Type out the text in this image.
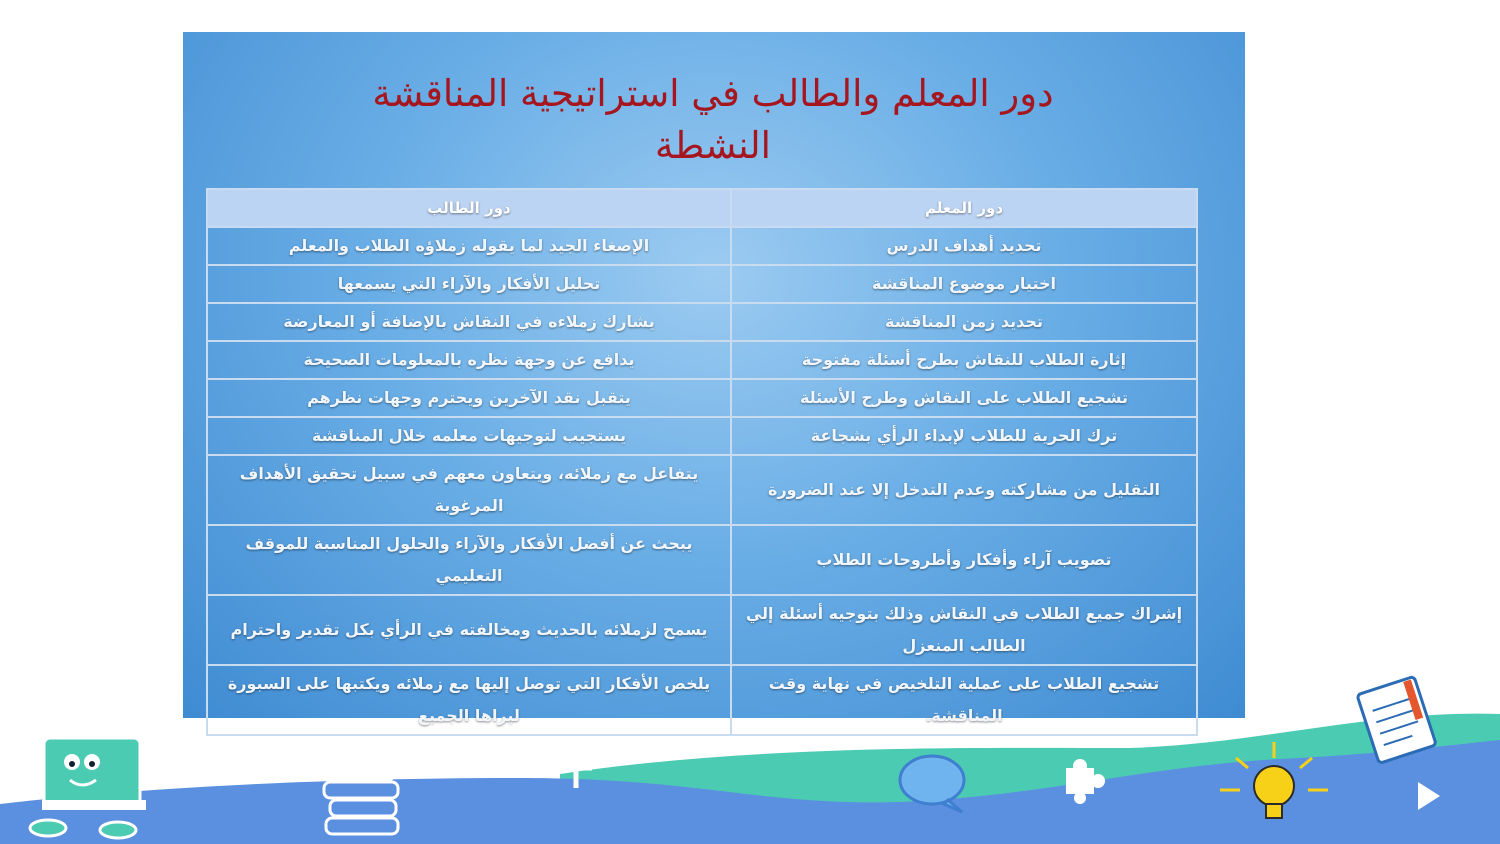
دور المعلم والطالب في استراتيجية المناقشة
النشطة
دور المعلم	دور الطالب
تحديد أهداف الدرس	الإصغاء الجيد لما يقوله زملاؤه الطلاب والمعلم
اختيار موضوع المناقشة	تحليل الأفكار والآراء التي يسمعها
تحديد زمن المناقشة	يشارك زملاءه في النقاش بالإضافة أو المعارضة
إثارة الطلاب للنقاش بطرح أسئلة مفتوحة	يدافع عن وجهة نظره بالمعلومات الصحيحة
تشجيع الطلاب على النقاش وطرح الأسئلة	يتقبل نقد الآخرين ويحترم وجهات نظرهم
ترك الحرية للطلاب لإبداء الرأي بشجاعة	يستجيب لتوجيهات معلمه خلال المناقشة
التقليل من مشاركته وعدم التدخل إلا عند الضرورة	يتفاعل مع زملائه، ويتعاون معهم في سبيل تحقيق الأهداف المرغوبة
تصويب آراء وأفكار وأطروحات الطلاب	يبحث عن أفضل الأفكار والآراء والحلول المناسبة للموقف التعليمي
إشراك جميع الطلاب في النقاش وذلك بتوجيه أسئلة إلي الطالب المنعزل	يسمح لزملائه بالحديث ومخالفته في الرأي بكل تقدير واحترام
تشجيع الطلاب على عملية التلخيص في نهاية وقت المناقشة.	يلخص الأفكار التي توصل إليها مع زملائه ويكتبها على السبورة ليراها الجميع
